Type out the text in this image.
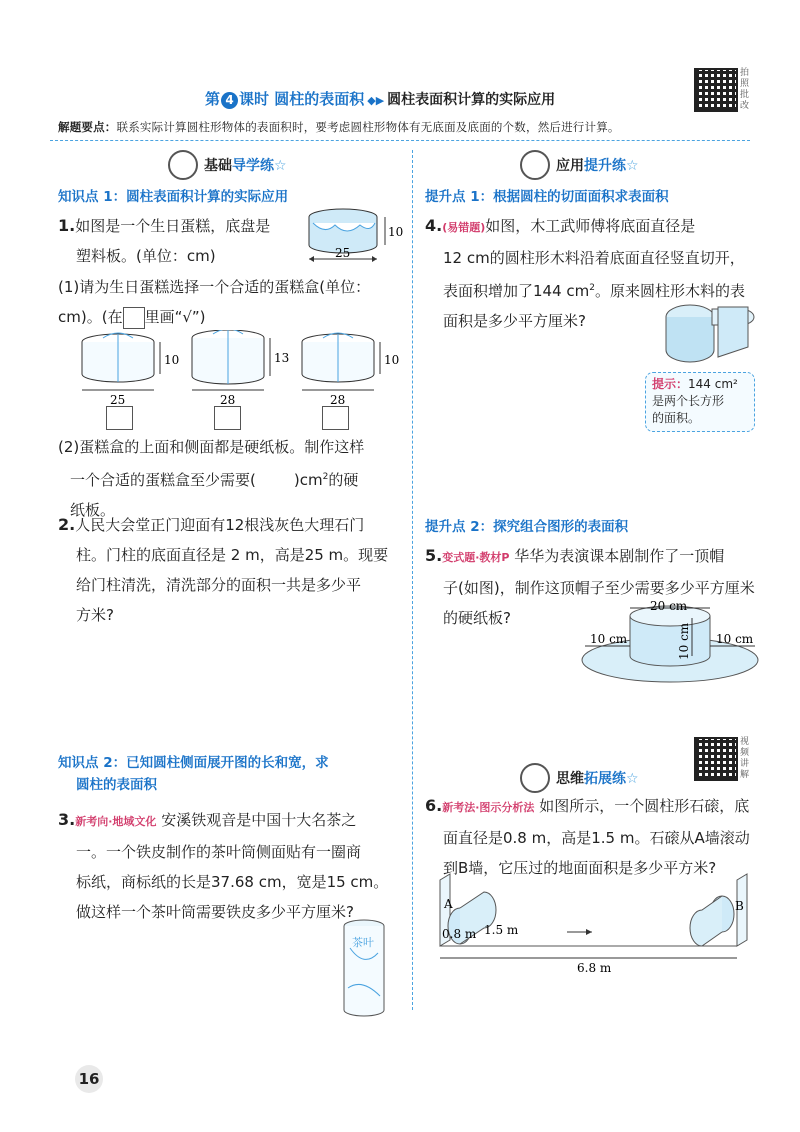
第 4 课时 圆柱的表面积 ◆▶ 圆柱表面积计算的实际应用
拍照批改
解题要点：联系实际计算圆柱形物体的表面积时，要考虑圆柱形物体有无底面及底面的个数，然后进行计算。
基础导学练☆
知识点 1：圆柱表面积计算的实际应用
1.如图是一个生日蛋糕，底盘是
塑料板。(单位：cm)
10
25
(1)请为生日蛋糕选择一个合适的蛋糕盒(单位：
cm)。(在 里画“√”)
10
25
13
28
10
28
(2)蛋糕盒的上面和侧面都是硬纸板。制作这样
一个合适的蛋糕盒至少需要(	)$cm^2$的硬
纸板。
2.人民大会堂正门迎面有12根浅灰色大理石门
柱。门柱的底面直径是 2 m，高是25 m。现要
给门柱清洗，清洗部分的面积一共是多少平
方米?
知识点 2：已知圆柱侧面展开图的长和宽，求
圆柱的表面积
3.新考向·地域文化 安溪铁观音是中国十大名茶之
一。一个铁皮制作的茶叶筒侧面贴有一圈商
标纸，商标纸的长是37.68 cm，宽是15 cm。
做这样一个茶叶筒需要铁皮多少平方厘米?
茶叶
应用提升练☆
提升点 1：根据圆柱的切面面积求表面积
4.(易错题)如图，木工武师傅将底面直径是
12 cm的圆柱形木料沿着底面直径竖直切开，
表面积增加了144 $cm^2$。原来圆柱形木料的表
面积是多少平方厘米?
提示：144 cm²
是两个长方形
的面积。
提升点 2：探究组合图形的表面积
5.变式题·教材P 华华为表演课本剧制作了一顶帽
子(如图)，制作这顶帽子至少需要多少平方厘米
的硬纸板?
20 cm
10 cm	10 cm
10 cm
思维拓展练☆
视频讲解
6.新考法·图示分析法 如图所示，一个圆柱形石磙，底
面直径是0.8 m，高是1.5 m。石磙从A墙滚动
到B墙，它压过的地面面积是多少平方米?
A	B
0.8 m 1.5 m
6.8 m
16
